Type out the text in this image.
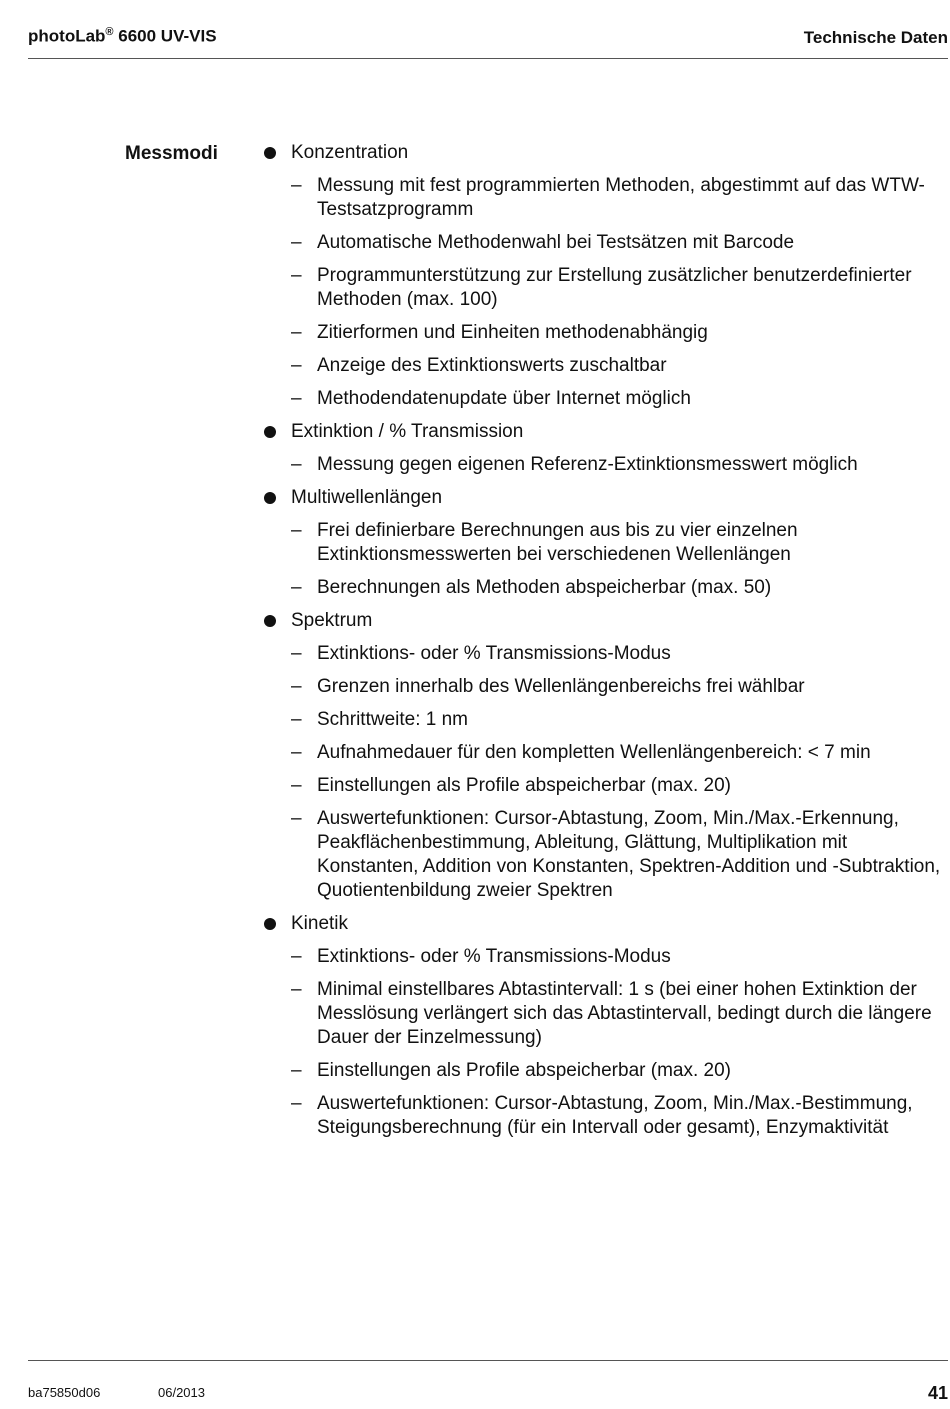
photoLab® 6600 UV-VIS	Technische Daten
Messmodi	Konzentration
– Messung mit fest programmierten Methoden, abgestimmt auf das WTW-Testsatzprogramm
– Automatische Methodenwahl bei Testsätzen mit Barcode
– Programmunterstützung zur Erstellung zusätzlicher benutzerdefinierter Methoden (max. 100)
– Zitierformen und Einheiten methodenabhängig
– Anzeige des Extinktionswerts zuschaltbar
– Methodendatenupdate über Internet möglich
Extinktion / % Transmission
– Messung gegen eigenen Referenz-Extinktionsmesswert möglich
Multiwellenlängen
– Frei definierbare Berechnungen aus bis zu vier einzelnen Extinktionsmesswerten bei verschiedenen Wellenlängen
– Berechnungen als Methoden abspeicherbar (max. 50)
Spektrum
– Extinktions- oder % Transmissions-Modus
– Grenzen innerhalb des Wellenlängenbereichs frei wählbar
– Schrittweite: 1 nm
– Aufnahmedauer für den kompletten Wellenlängenbereich: < 7 min
– Einstellungen als Profile abspeicherbar (max. 20)
– Auswertefunktionen: Cursor-Abtastung, Zoom, Min./Max.-Erkennung, Peakflächenbestimmung, Ableitung, Glättung, Multiplikation mit Konstanten, Addition von Konstanten, Spektren-Addition und -Subtraktion, Quotientenbildung zweier Spektren
Kinetik
– Extinktions- oder % Transmissions-Modus
– Minimal einstellbares Abtastintervall: 1 s (bei einer hohen Extinktion der Messlösung verlängert sich das Abtastintervall, bedingt durch die längere Dauer der Einzelmessung)
– Einstellungen als Profile abspeicherbar (max. 20)
– Auswertefunktionen: Cursor-Abtastung, Zoom, Min./Max.-Bestimmung, Steigungsberechnung (für ein Intervall oder gesamt), Enzymaktivität
ba75850d06	06/2013	41
